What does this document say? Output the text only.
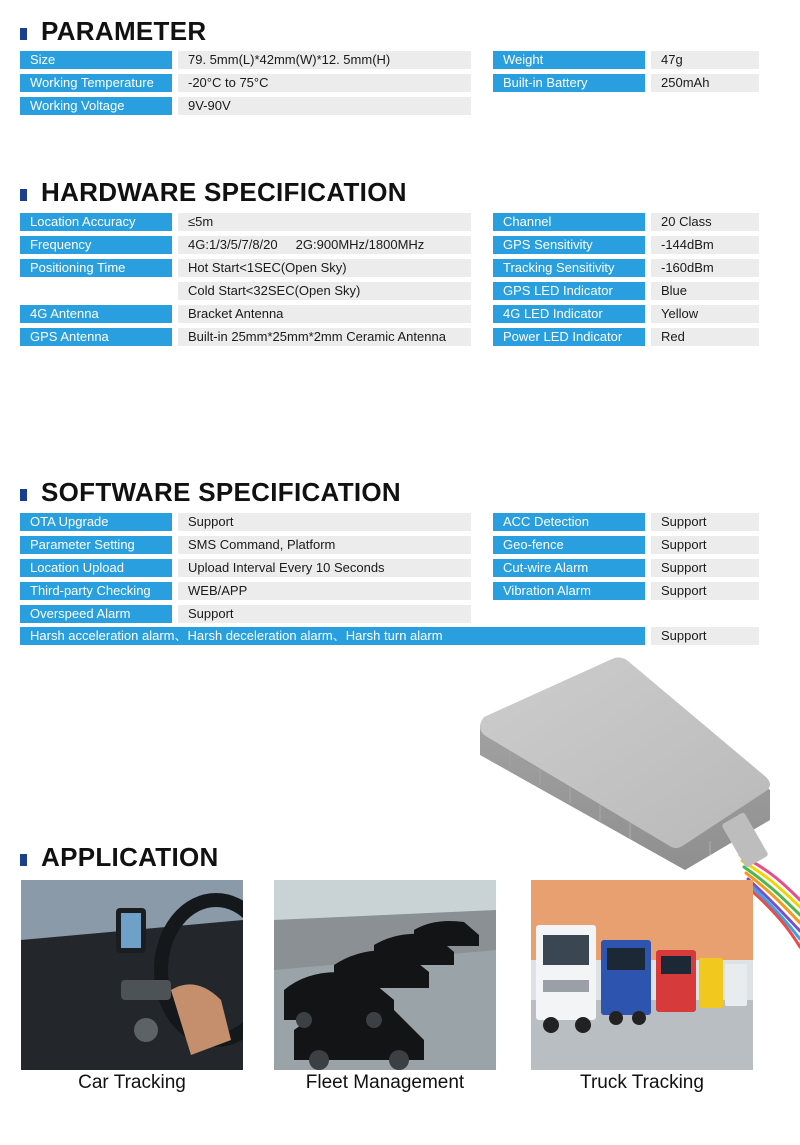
PARAMETER
Size	79. 5mm(L)*42mm(W)*12. 5mm(H)
Working Temperature	-20°C to 75°C
Working Voltage	9V-90V
Weight	47g
Built-in Battery	250mAh
HARDWARE SPECIFICATION
Location Accuracy	≤5m
Frequency	4G:1/3/5/7/8/20     2G:900MHz/1800MHz
Positioning Time	Hot Start<1SEC(Open Sky)
Cold Start<32SEC(Open Sky)
4G Antenna	Bracket Antenna
GPS Antenna	Built-in 25mm*25mm*2mm Ceramic Antenna
Channel	20 Class
GPS Sensitivity	-144dBm
Tracking Sensitivity	-160dBm
GPS LED Indicator	Blue
4G LED Indicator	Yellow
Power LED Indicator	Red
SOFTWARE SPECIFICATION
OTA Upgrade	Support
Parameter Setting	SMS Command, Platform
Location Upload	Upload Interval Every 10 Seconds
Third-party Checking	WEB/APP
Overspeed Alarm	Support
ACC Detection	Support
Geo-fence	Support
Cut-wire Alarm	Support
Vibration Alarm	Support
Harsh acceleration alarm、Harsh deceleration alarm、Harsh turn alarm	Support
APPLICATION
Car Tracking	Fleet Management	Truck Tracking
